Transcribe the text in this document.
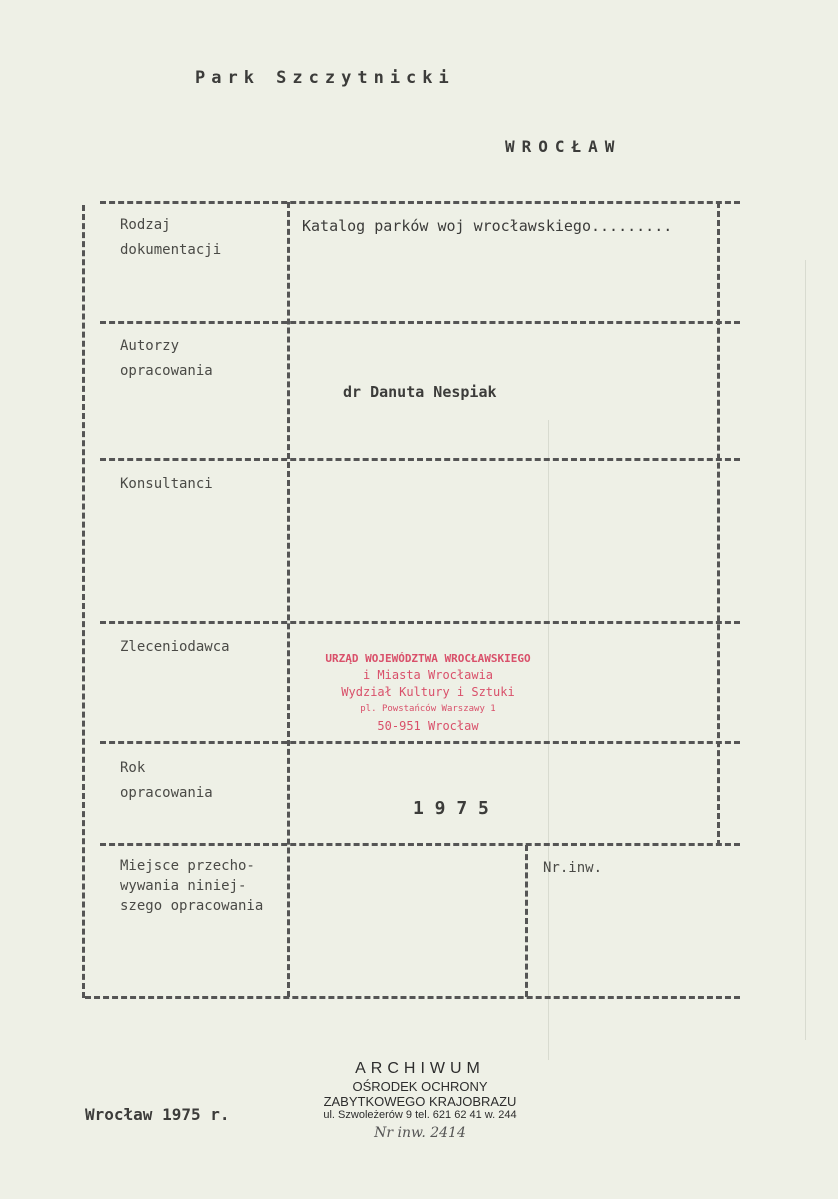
Park Szczytnicki
WROCŁAW
Rodzaj
dokumentacji
Katalog parków woj wrocławskiego.........
Autorzy
opracowania
dr Danuta Nespiak
Konsultanci
Zleceniodawca
URZĄD WOJEWÓDZTWA WROCŁAWSKIEGO
i Miasta Wrocławia
Wydział Kultury i Sztuki
pl. Powstańców Warszawy 1
50-951 Wrocław
Rok
opracowania
1 9 7 5
Miejsce przecho-
wywania niniej-
szego opracowania
Nr.inw.
ARCHIWUM
OŚRODEK OCHRONY
ZABYTKOWEGO KRAJOBRAZU
ul. Szwoleżerów 9 tel. 621 62 41 w. 244
Nr inw. 2414
Wrocław 1975 r.
